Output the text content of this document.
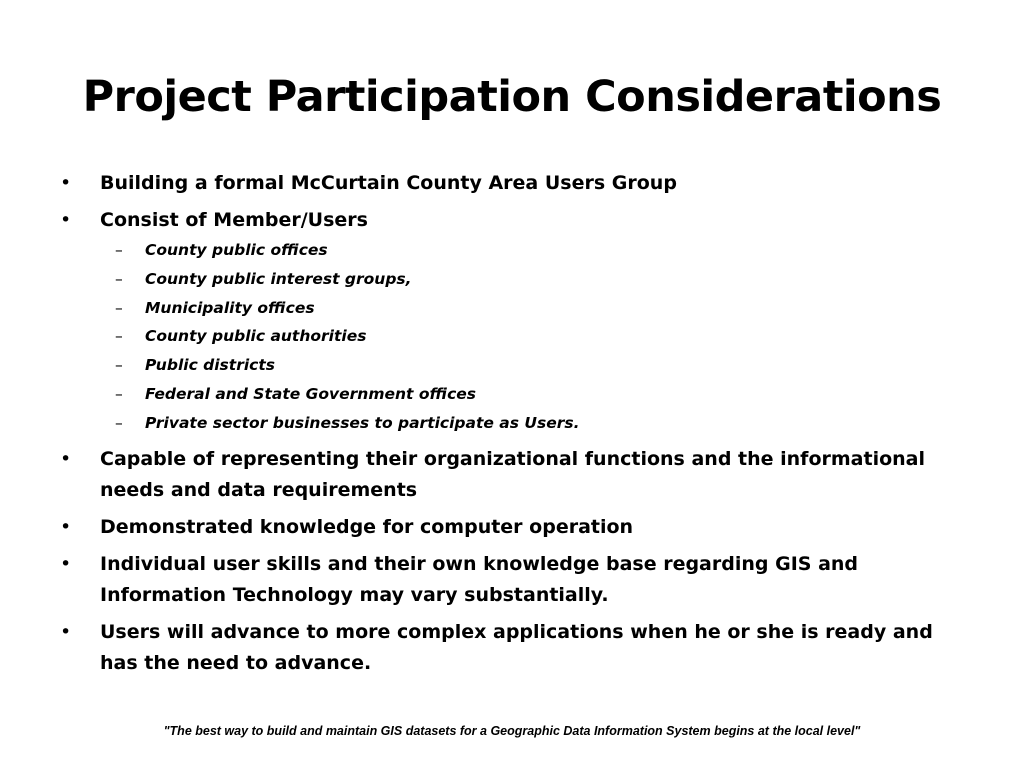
Project Participation Considerations
•	Building a formal McCurtain County Area Users Group
•	Consist of Member/Users
– County public offices
– County public interest groups,
– Municipality offices
– County public authorities
– Public districts
– Federal and State Government offices
– Private sector businesses to participate as Users.
•	Capable of representing their organizational functions and the informational needs and data requirements
•	Demonstrated knowledge for computer operation
•	Individual user skills and their own knowledge base regarding GIS and Information Technology may vary substantially.
•	Users will advance to more complex applications when he or she is ready and has the need to advance.
"The best way to build and maintain GIS datasets for a Geographic Data Information System begins at the local level"
